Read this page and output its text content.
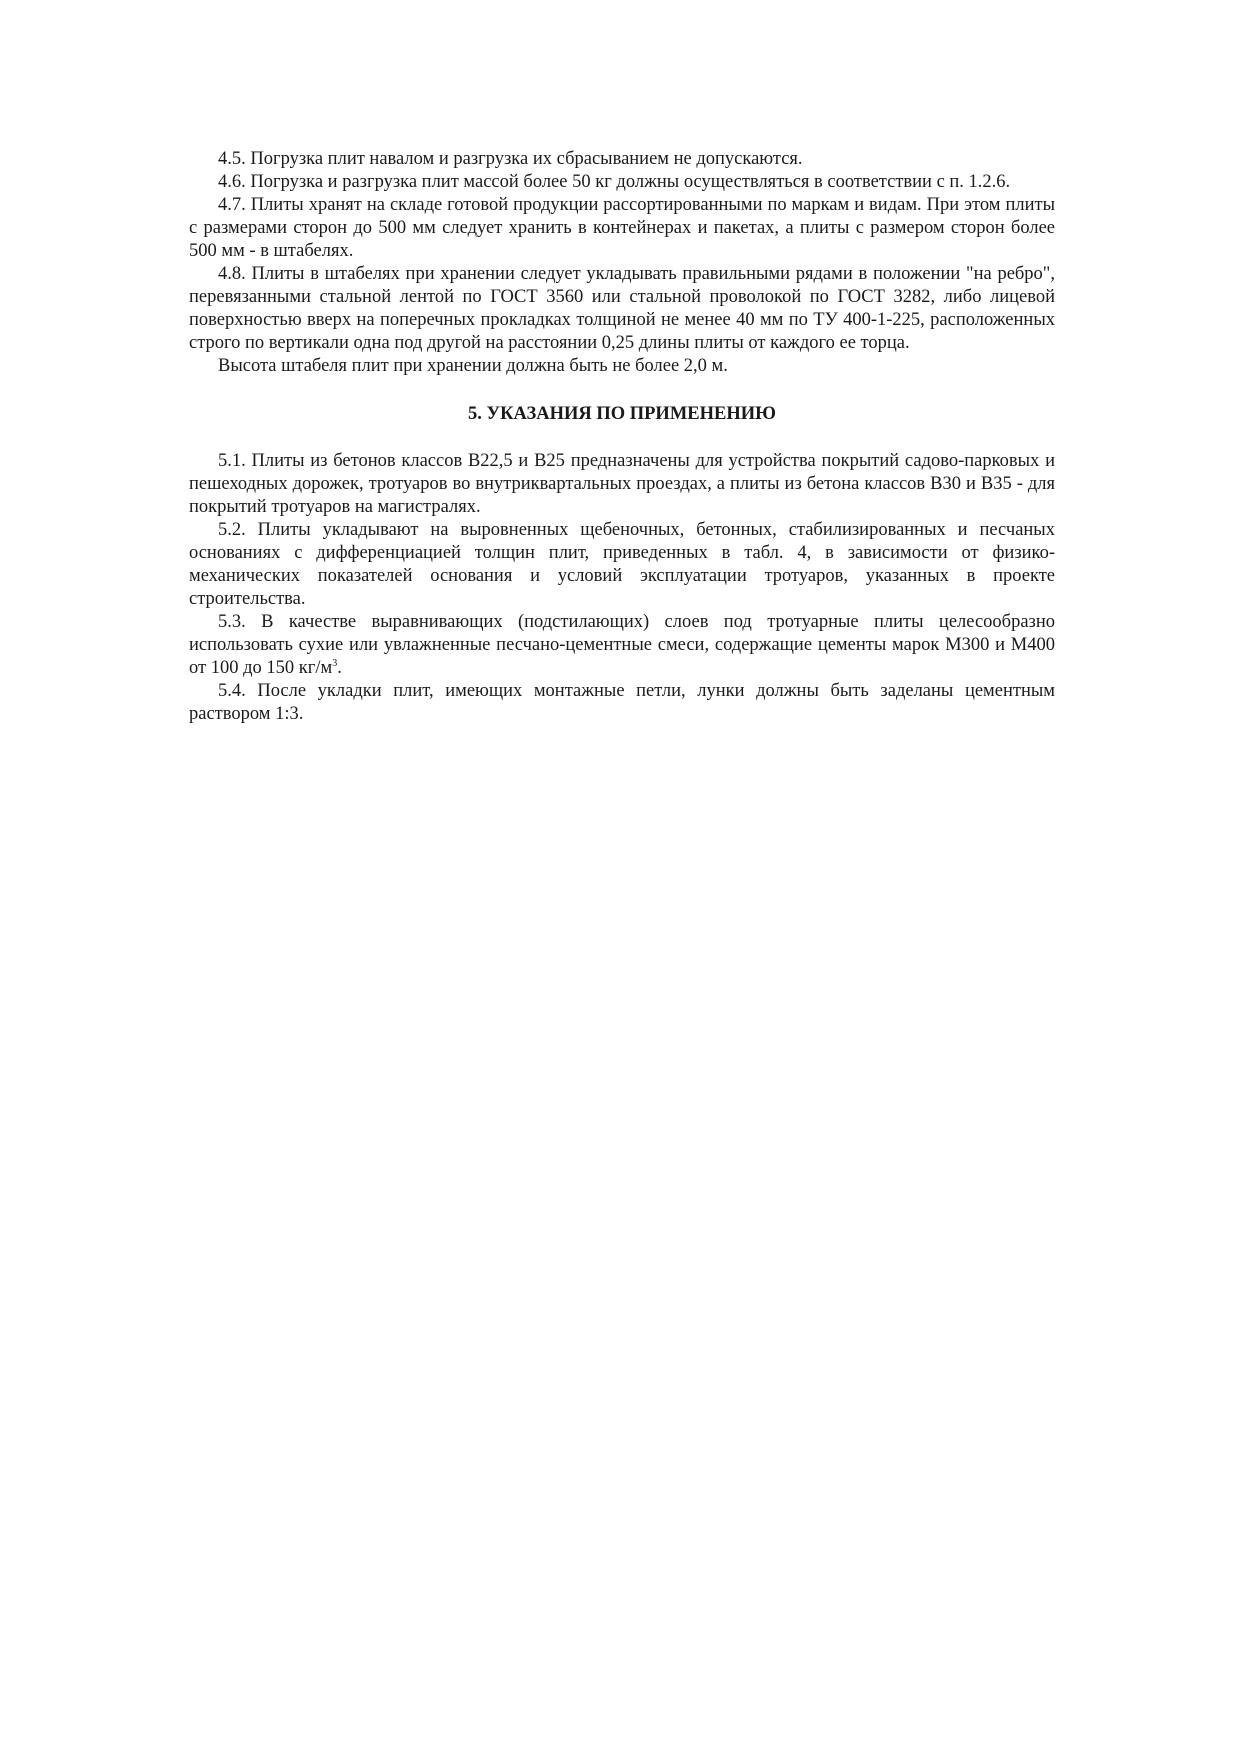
4.5. Погрузка плит навалом и разгрузка их сбрасыванием не допускаются.

4.6. Погрузка и разгрузка плит массой более 50 кг должны осуществляться в соответствии с п. 1.2.6.

4.7. Плиты хранят на складе готовой продукции рассортированными по маркам и видам. При этом плиты с размерами сторон до 500 мм следует хранить в контейнерах и пакетах, а плиты с размером сторон более 500 мм - в штабелях.

4.8. Плиты в штабелях при хранении следует укладывать правильными рядами в положении "на ребро", перевязанными стальной лентой по ГОСТ 3560 или стальной проволокой по ГОСТ 3282, либо лицевой поверхностью вверх на поперечных прокладках толщиной не менее 40 мм по ТУ 400-1-225, расположенных строго по вертикали одна под другой на расстоянии 0,25 длины плиты от каждого ее торца.

Высота штабеля плит при хранении должна быть не более 2,0 м.

5. УКАЗАНИЯ ПО ПРИМЕНЕНИЮ

5.1. Плиты из бетонов классов В22,5 и В25 предназначены для устройства покрытий садово-парковых и пешеходных дорожек, тротуаров во внутриквартальных проездах, а плиты из бетона классов В30 и В35 - для покрытий тротуаров на магистралях.

5.2. Плиты укладывают на выровненных щебеночных, бетонных, стабилизированных и песчаных основаниях с дифференциацией толщин плит, приведенных в табл. 4, в зависимости от физико-механических показателей основания и условий эксплуатации тротуаров, указанных в проекте строительства.

5.3. В качестве выравнивающих (подстилающих) слоев под тротуарные плиты целесообразно использовать сухие или увлажненные песчано-цементные смеси, содержащие цементы марок М300 и М400 от 100 до 150 $кг/м^3$.

5.4. После укладки плит, имеющих монтажные петли, лунки должны быть заделаны цементным раствором 1:3.
